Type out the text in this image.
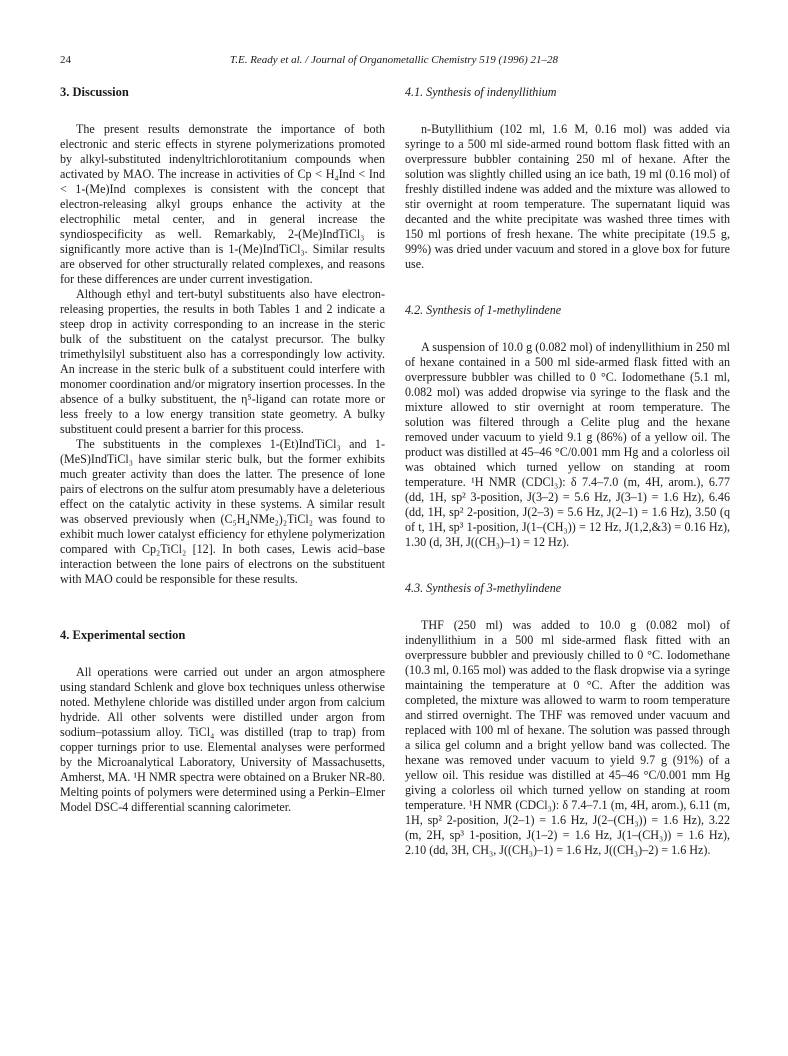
24	T.E. Ready et al. / Journal of Organometallic Chemistry 519 (1996) 21–28
3. Discussion

The present results demonstrate the importance of both electronic and steric effects in styrene polymerizations promoted by alkyl-substituted indenyltrichlorotitanium compounds when activated by MAO. The increase in activities of Cp < H₄Ind < Ind < 1-(Me)Ind complexes is consistent with the concept that electron-releasing alkyl groups enhance the activity at the electrophilic metal center, and in general increase the syndiospecificity as well. Remarkably, 2-(Me)IndTiCl₃ is significantly more active than is 1-(Me)IndTiCl₃. Similar results are observed for other structurally related complexes, and reasons for these differences are under current investigation.

Although ethyl and tert-butyl substituents also have electron-releasing properties, the results in both Tables 1 and 2 indicate a steep drop in activity corresponding to an increase in the steric bulk of the substituent on the catalyst precursor. The bulky trimethylsilyl substituent also has a correspondingly low activity. An increase in the steric bulk of a substituent could interfere with monomer coordination and/or migratory insertion processes. In the absence of a bulky substituent, the η⁵-ligand can rotate more or less freely to a low energy transition state geometry. A bulky substituent could present a barrier for this process.

The substituents in the complexes 1-(Et)IndTiCl₃ and 1-(MeS)IndTiCl₃ have similar steric bulk, but the former exhibits much greater activity than does the latter. The presence of lone pairs of electrons on the sulfur atom presumably have a deleterious effect on the catalytic activity in these systems. A similar result was observed previously when (C₅H₄NMe₂)₂TiCl₂ was found to exhibit much lower catalyst efficiency for ethylene polymerization compared with Cp₂TiCl₂ [12]. In both cases, Lewis acid–base interaction between the lone pairs of electrons on the substituent with MAO could be responsible for these results.

4. Experimental section

All operations were carried out under an argon atmosphere using standard Schlenk and glove box techniques unless otherwise noted. Methylene chloride was distilled under argon from calcium hydride. All other solvents were distilled under argon from sodium–potassium alloy. TiCl₄ was distilled (trap to trap) from copper turnings prior to use. Elemental analyses were performed by the Microanalytical Laboratory, University of Massachusetts, Amherst, MA. ¹H NMR spectra were obtained on a Bruker NR-80. Melting points of polymers were determined using a Perkin–Elmer Model DSC-4 differential scanning calorimeter.

4.1. Synthesis of indenyllithium

n-Butyllithium (102 ml, 1.6 M, 0.16 mol) was added via syringe to a 500 ml side-armed round bottom flask fitted with an overpressure bubbler containing 250 ml of hexane. After the solution was slightly chilled using an ice bath, 19 ml (0.16 mol) of freshly distilled indene was added and the mixture was allowed to stir overnight at room temperature. The supernatant liquid was decanted and the white precipitate was washed three times with 150 ml portions of fresh hexane. The white precipitate (19.5 g, 99%) was dried under vacuum and stored in a glove box for future use.

4.2. Synthesis of 1-methylindene

A suspension of 10.0 g (0.082 mol) of indenyllithium in 250 ml of hexane contained in a 500 ml side-armed flask fitted with an overpressure bubbler was chilled to 0 °C. Iodomethane (5.1 ml, 0.082 mol) was added dropwise via syringe to the flask and the mixture allowed to stir overnight at room temperature. The solution was filtered through a Celite plug and the hexane removed under vacuum to yield 9.1 g (86%) of a yellow oil. The product was distilled at 45–46 °C/0.001 mm Hg and a colorless oil was obtained which turned yellow on standing at room temperature. ¹H NMR (CDCl₃): δ 7.4–7.0 (m, 4H, arom.), 6.77 (dd, 1H, sp² 3-position, J(3–2) = 5.6 Hz, J(3–1) = 1.6 Hz), 6.46 (dd, 1H, sp² 2-position, J(2–3) = 5.6 Hz, J(2–1) = 1.6 Hz), 3.50 (q of t, 1H, sp³ 1-position, J(1–(CH₃)) = 12 Hz, J(1,2,&3) = 0.16 Hz), 1.30 (d, 3H, J((CH₃)–1) = 12 Hz).

4.3. Synthesis of 3-methylindene

THF (250 ml) was added to 10.0 g (0.082 mol) of indenyllithium in a 500 ml side-armed flask fitted with an overpressure bubbler and previously chilled to 0 °C. Iodomethane (10.3 ml, 0.165 mol) was added to the flask dropwise via a syringe maintaining the temperature at 0 °C. After the addition was completed, the mixture was allowed to warm to room temperature and stirred overnight. The THF was removed under vacuum and replaced with 100 ml of hexane. The solution was passed through a silica gel column and a bright yellow band was collected. The hexane was removed under vacuum to yield 9.7 g (91%) of a yellow oil. This residue was distilled at 45–46 °C/0.001 mm Hg giving a colorless oil which turned yellow on standing at room temperature. ¹H NMR (CDCl₃): δ 7.4–7.1 (m, 4H, arom.), 6.11 (m, 1H, sp² 2-position, J(2–1) = 1.6 Hz, J(2–(CH₃)) = 1.6 Hz), 3.22 (m, 2H, sp³ 1-position, J(1–2) = 1.6 Hz, J(1–(CH₃)) = 1.6 Hz), 2.10 (dd, 3H, CH₃, J((CH₃)–1) = 1.6 Hz, J((CH₃)–2) = 1.6 Hz).
